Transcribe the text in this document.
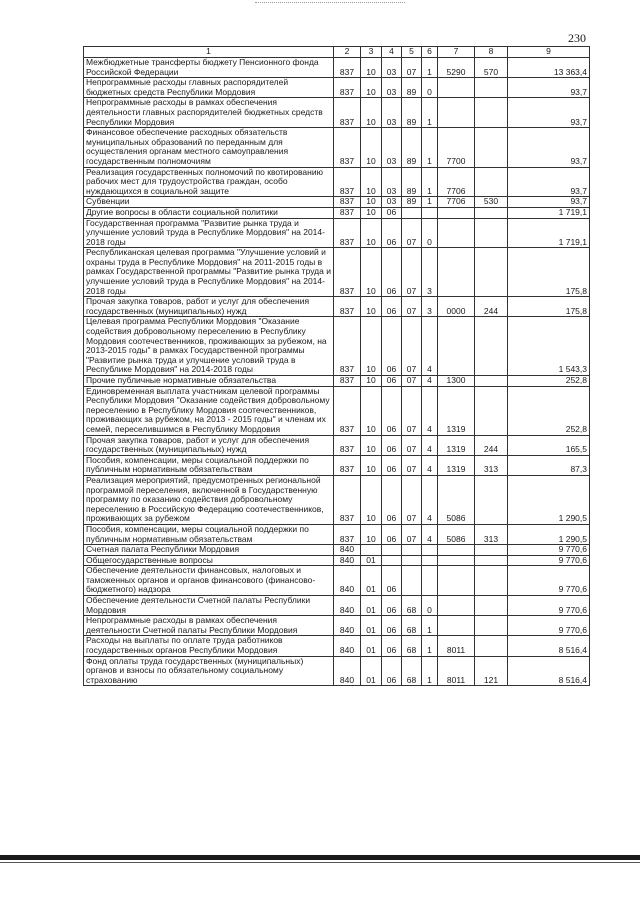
230
1	2	3	4	5	6	7	8	9
Межбюджетные трансферты бюджету Пенсионного фонда Российской Федерации	837	10	03	07	1	5290	570	13 363,4
Непрограммные расходы главных распорядителей бюджетных средств Республики Мордовия	837	10	03	89	0			93,7
Непрограммные расходы в рамках обеспечения деятельности главных распорядителей бюджетных средств Республики Мордовия	837	10	03	89	1			93,7
Финансовое обеспечение расходных обязательств муниципальных образований по переданным для осуществления органам местного самоуправления государственным полномочиям	837	10	03	89	1	7700		93,7
Реализация государственных полномочий по квотированию рабочих мест для трудоустройства граждан, особо нуждающихся в социальной защите	837	10	03	89	1	7706		93,7
Субвенции	837	10	03	89	1	7706	530	93,7
Другие вопросы в области социальной политики	837	10	06					1 719,1
Государственная программа "Развитие рынка труда и улучшение условий труда в Республике Мордовия" на 2014-2018 годы	837	10	06	07	0			1 719,1
Республиканская целевая программа "Улучшение условий и охраны труда в Республике Мордовия" на 2011-2015 годы в рамках Государственной программы "Развитие рынка труда и улучшение условий труда в Республике Мордовия" на 2014-2018 годы	837	10	06	07	3			175,8
Прочая закупка товаров, работ и услуг для обеспечения государственных (муниципальных) нужд	837	10	06	07	3	0000	244	175,8
Целевая программа Республики Мордовия "Оказание содействия добровольному переселению в Республику Мордовия соотечественников, проживающих за рубежом, на 2013-2015 годы" в рамках Государственной программы "Развитие рынка труда и улучшение условий труда в Республике Мордовия" на 2014-2018 годы	837	10	06	07	4			1 543,3
Прочие публичные нормативные обязательства	837	10	06	07	4	1300		252,8
Единовременная выплата участникам целевой программы Республики Мордовия "Оказание содействия добровольному переселению в Республику Мордовия соотечественников, проживающих за рубежом, на 2013 - 2015 годы" и членам их семей, переселившимся в Республику Мордовия	837	10	06	07	4	1319		252,8
Прочая закупка товаров, работ и услуг для обеспечения государственных (муниципальных) нужд	837	10	06	07	4	1319	244	165,5
Пособия, компенсации, меры социальной поддержки по публичным нормативным обязательствам	837	10	06	07	4	1319	313	87,3
Реализация мероприятий, предусмотренных региональной программой переселения, включенной в Государственную программу по оказанию содействия добровольному переселению в Российскую Федерацию соотечественников, проживающих за рубежом	837	10	06	07	4	5086		1 290,5
Пособия, компенсации, меры социальной поддержки по публичным нормативным обязательствам	837	10	06	07	4	5086	313	1 290,5
Счетная палата Республики Мордовия	840							9 770,6
Общегосударственные вопросы	840	01						9 770,6
Обеспечение деятельности финансовых, налоговых и таможенных органов и органов финансового (финансово-бюджетного) надзора	840	01	06					9 770,6
Обеспечение деятельности Счетной палаты Республики Мордовия	840	01	06	68	0			9 770,6
Непрограммные расходы в рамках обеспечения деятельности Счетной палаты Республики Мордовия	840	01	06	68	1			9 770,6
Расходы на выплаты по оплате труда работников государственных органов Республики Мордовия	840	01	06	68	1	8011		8 516,4
Фонд оплаты труда государственных (муниципальных) органов и взносы по обязательному социальному страхованию	840	01	06	68	1	8011	121	8 516,4
